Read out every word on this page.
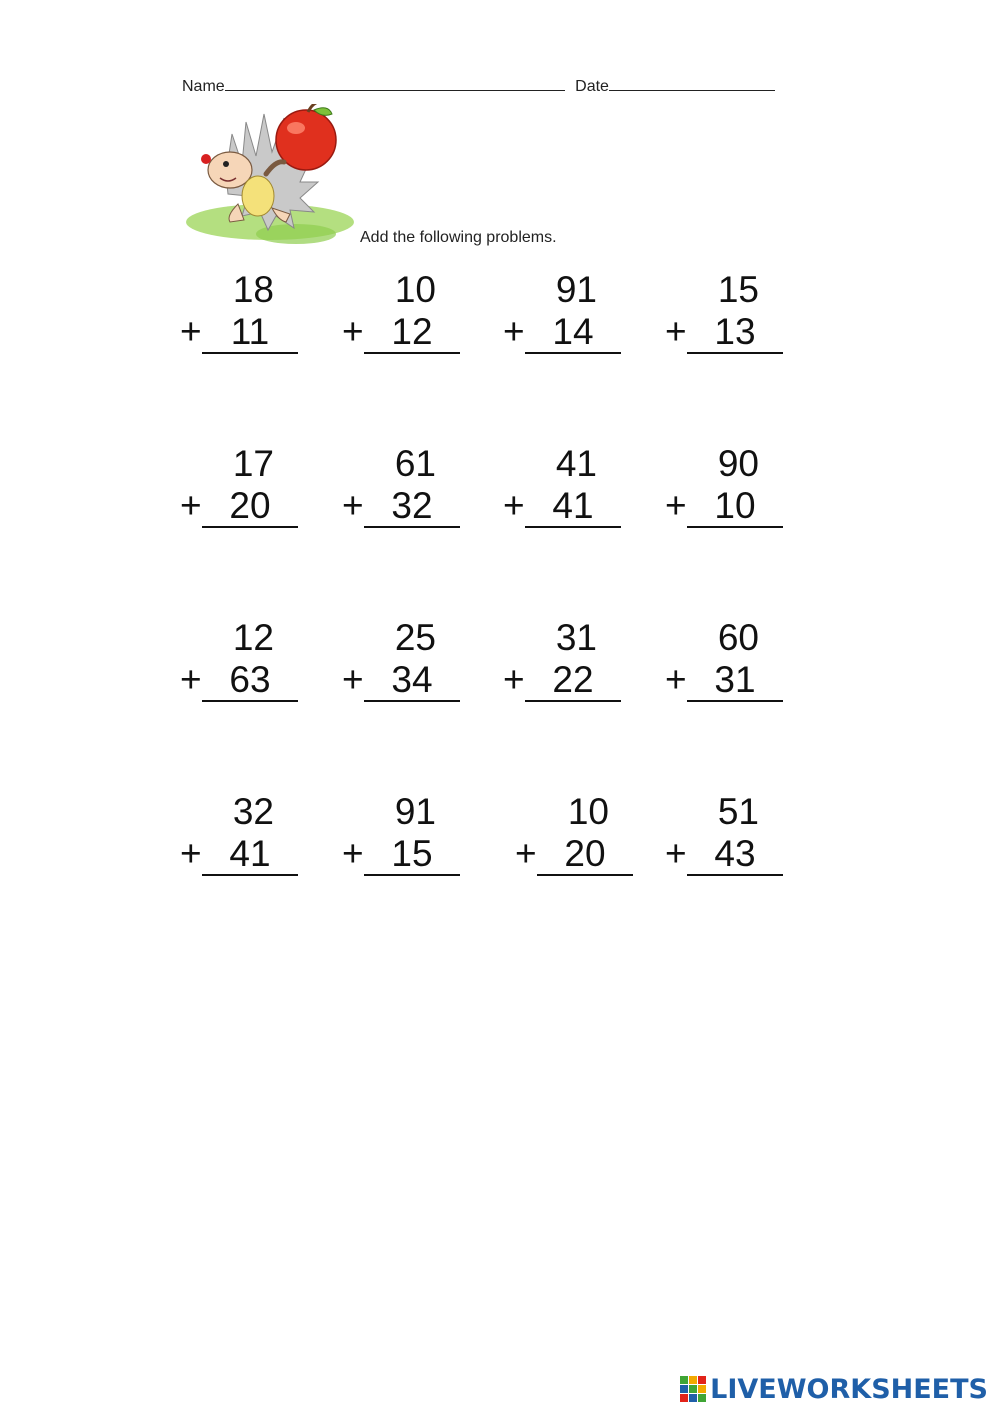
Name	Date
Add the following problems.
18
+ 11
10
+ 12
91
+ 14
15
+ 13
17
+ 20
61
+ 32
41
+ 41
90
+ 10
12
+ 63
25
+ 34
31
+ 22
60
+ 31
32
+ 41
91
+ 15
10
+ 20
51
+ 43
LIVEWORKSHEETS
